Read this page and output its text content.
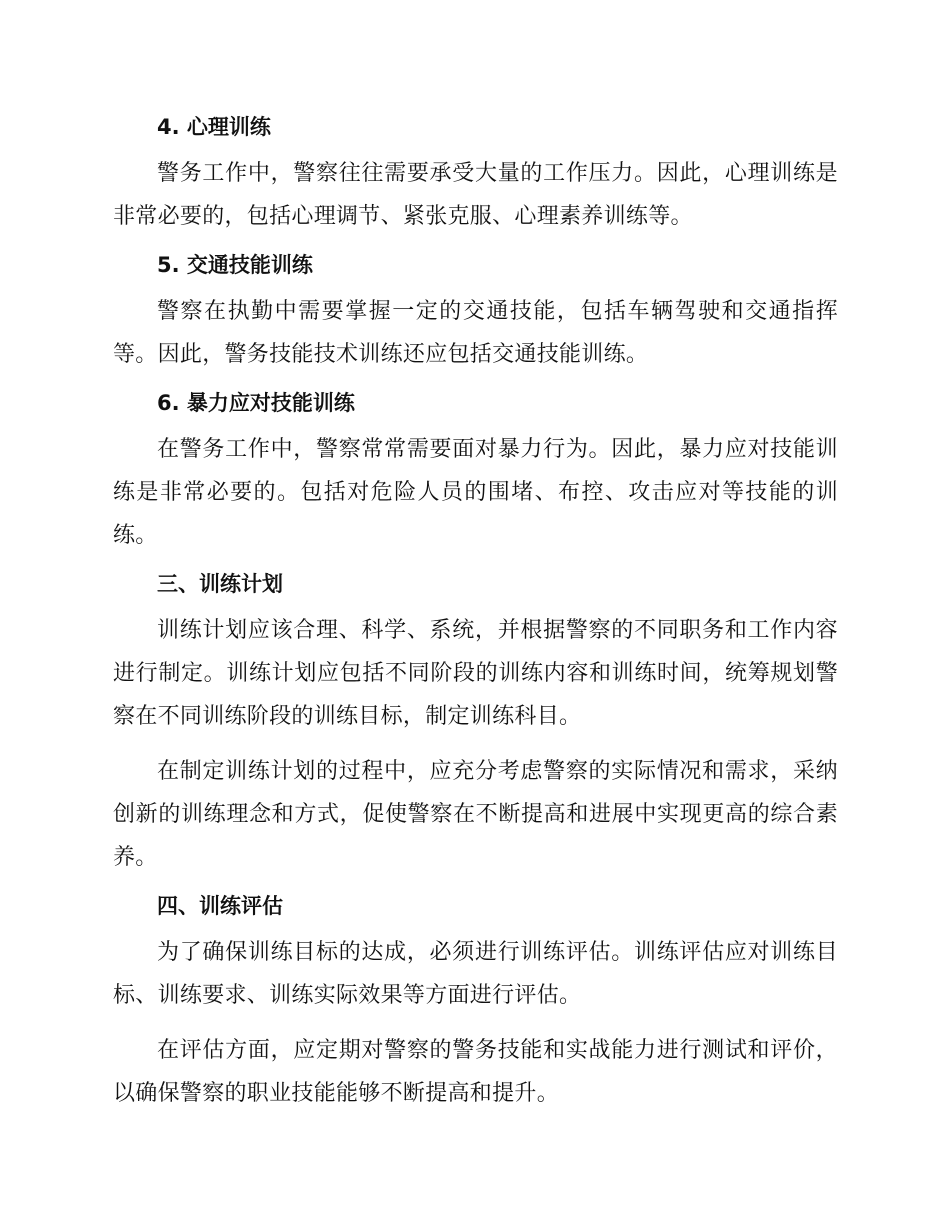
4. 心理训练

警务工作中，警察往往需要承受大量的工作压力。因此，心理训练是非常必要的，包括心理调节、紧张克服、心理素养训练等。

5. 交通技能训练

警察在执勤中需要掌握一定的交通技能，包括车辆驾驶和交通指挥等。因此，警务技能技术训练还应包括交通技能训练。

6. 暴力应对技能训练

在警务工作中，警察常常需要面对暴力行为。因此，暴力应对技能训练是非常必要的。包括对危险人员的围堵、布控、攻击应对等技能的训练。

三、训练计划

训练计划应该合理、科学、系统，并根据警察的不同职务和工作内容进行制定。训练计划应包括不同阶段的训练内容和训练时间，统筹规划警察在不同训练阶段的训练目标，制定训练科目。

在制定训练计划的过程中，应充分考虑警察的实际情况和需求，采纳创新的训练理念和方式，促使警察在不断提高和进展中实现更高的综合素养。

四、训练评估

为了确保训练目标的达成，必须进行训练评估。训练评估应对训练目标、训练要求、训练实际效果等方面进行评估。

在评估方面，应定期对警察的警务技能和实战能力进行测试和评价，以确保警察的职业技能能够不断提高和提升。
